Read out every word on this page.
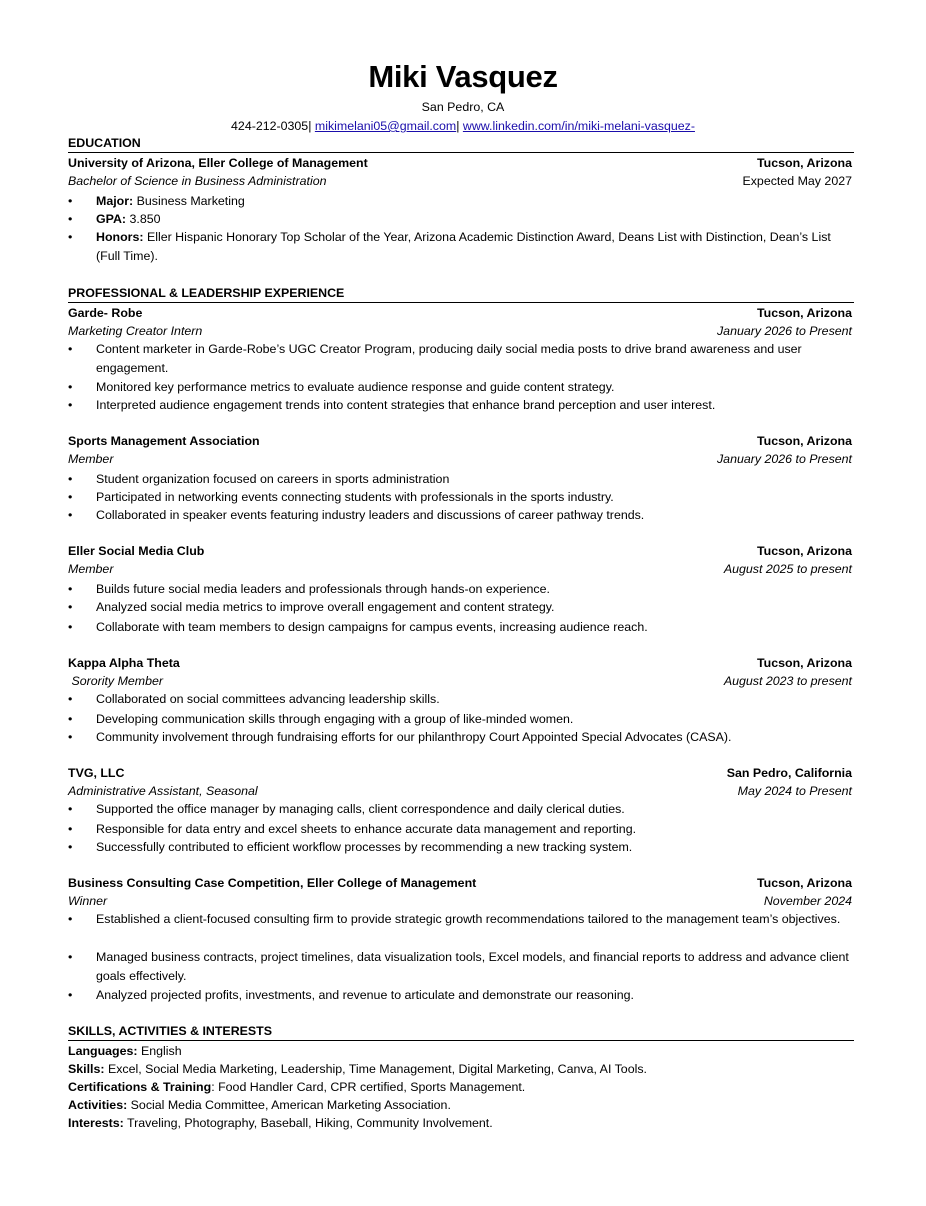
Miki Vasquez
San Pedro, CA
424-212-0305| mikimelani05@gmail.com| www.linkedin.com/in/miki-melani-vasquez-
EDUCATION
University of Arizona, Eller College of Management	Tucson, Arizona
Bachelor of Science in Business Administration	Expected May 2027
• Major: Business Marketing
• GPA: 3.850
• Honors: Eller Hispanic Honorary Top Scholar of the Year, Arizona Academic Distinction Award, Deans List with Distinction, Dean’s List (Full Time).
PROFESSIONAL & LEADERSHIP EXPERIENCE
Garde- Robe	Tucson, Arizona
Marketing Creator Intern	January 2026 to Present
• Content marketer in Garde-Robe’s UGC Creator Program, producing daily social media posts to drive brand awareness and user engagement.
• Monitored key performance metrics to evaluate audience response and guide content strategy.
• Interpreted audience engagement trends into content strategies that enhance brand perception and user interest.
Sports Management Association	Tucson, Arizona
Member	January 2026 to Present
• Student organization focused on careers in sports administration
• Participated in networking events connecting students with professionals in the sports industry.
• Collaborated in speaker events featuring industry leaders and discussions of career pathway trends.
Eller Social Media Club	Tucson, Arizona
Member	August 2025 to present
• Builds future social media leaders and professionals through hands-on experience.
• Analyzed social media metrics to improve overall engagement and content strategy.
• Collaborate with team members to design campaigns for campus events, increasing audience reach.
Kappa Alpha Theta	Tucson, Arizona
Sorority Member	August 2023 to present
• Collaborated on social committees advancing leadership skills.
• Developing communication skills through engaging with a group of like-minded women.
• Community involvement through fundraising efforts for our philanthropy Court Appointed Special Advocates (CASA).
TVG, LLC	San Pedro, California
Administrative Assistant, Seasonal	May 2024 to Present
• Supported the office manager by managing calls, client correspondence and daily clerical duties.
• Responsible for data entry and excel sheets to enhance accurate data management and reporting.
• Successfully contributed to efficient workflow processes by recommending a new tracking system.
Business Consulting Case Competition, Eller College of Management	Tucson, Arizona
Winner	November 2024
• Established a client-focused consulting firm to provide strategic growth recommendations tailored to the management team’s objectives.
• Managed business contracts, project timelines, data visualization tools, Excel models, and financial reports to address and advance client goals effectively.
• Analyzed projected profits, investments, and revenue to articulate and demonstrate our reasoning.
SKILLS, ACTIVITIES & INTERESTS
Languages: English
Skills: Excel, Social Media Marketing, Leadership, Time Management, Digital Marketing, Canva, AI Tools.
Certifications & Training: Food Handler Card, CPR certified, Sports Management.
Activities: Social Media Committee, American Marketing Association.
Interests: Traveling, Photography, Baseball, Hiking, Community Involvement.
